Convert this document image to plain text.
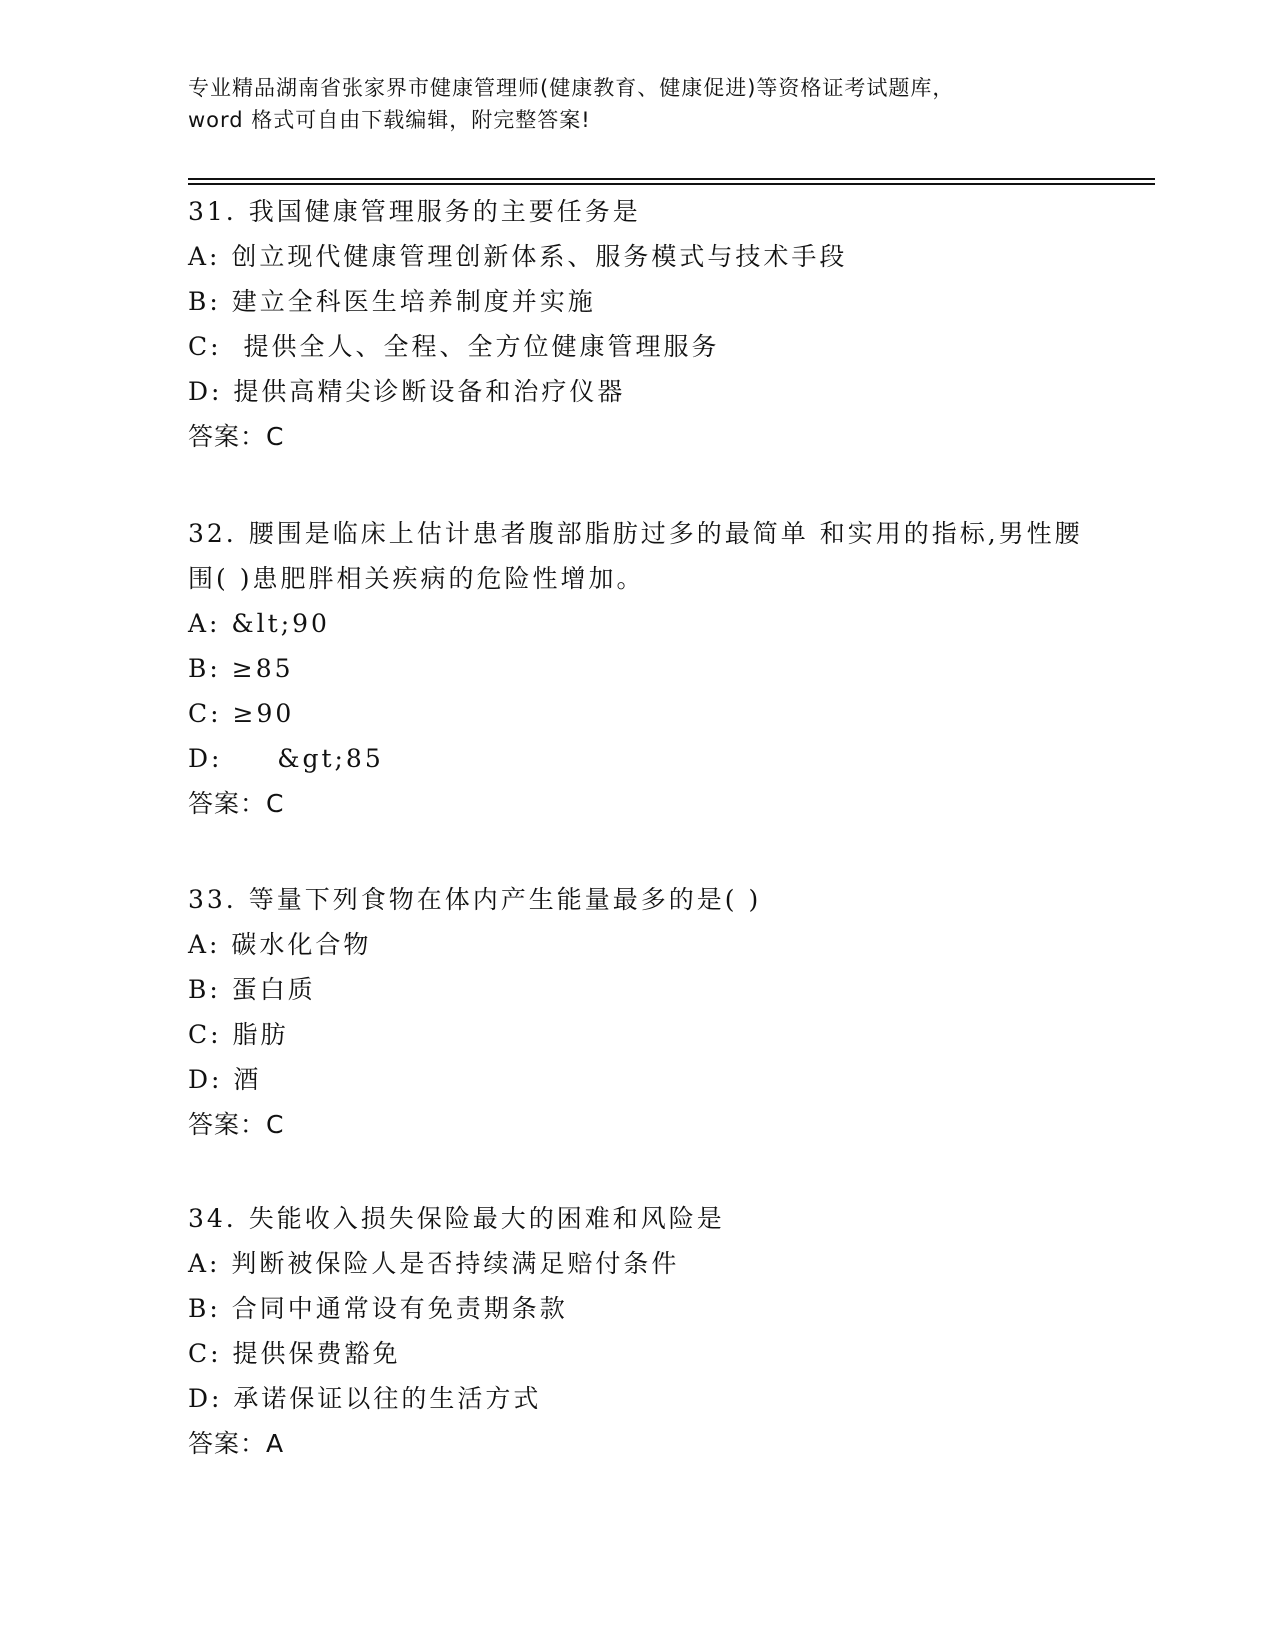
专业精品湖南省张家界市健康管理师(健康教育、健康促进)等资格证考试题库，
word 格式可自由下载编辑，附完整答案!
31. 我国健康管理服务的主要任务是
A: 创立现代健康管理创新体系、服务模式与技术手段
B: 建立全科医生培养制度并实施
C:  提供全人、全程、全方位健康管理服务
D: 提供高精尖诊断设备和治疗仪器
答案：C
32. 腰围是临床上估计患者腹部脂肪过多的最简单 和实用的指标,男性腰围( )患肥胖相关疾病的危险性增加。
A: &lt;90
B: ≥85
C: ≥90
D:     &gt;85
答案：C
33. 等量下列食物在体内产生能量最多的是( )
A: 碳水化合物
B: 蛋白质
C: 脂肪
D: 酒
答案：C
34. 失能收入损失保险最大的困难和风险是
A: 判断被保险人是否持续满足赔付条件
B: 合同中通常设有免责期条款
C: 提供保费豁免
D: 承诺保证以往的生活方式
答案：A
